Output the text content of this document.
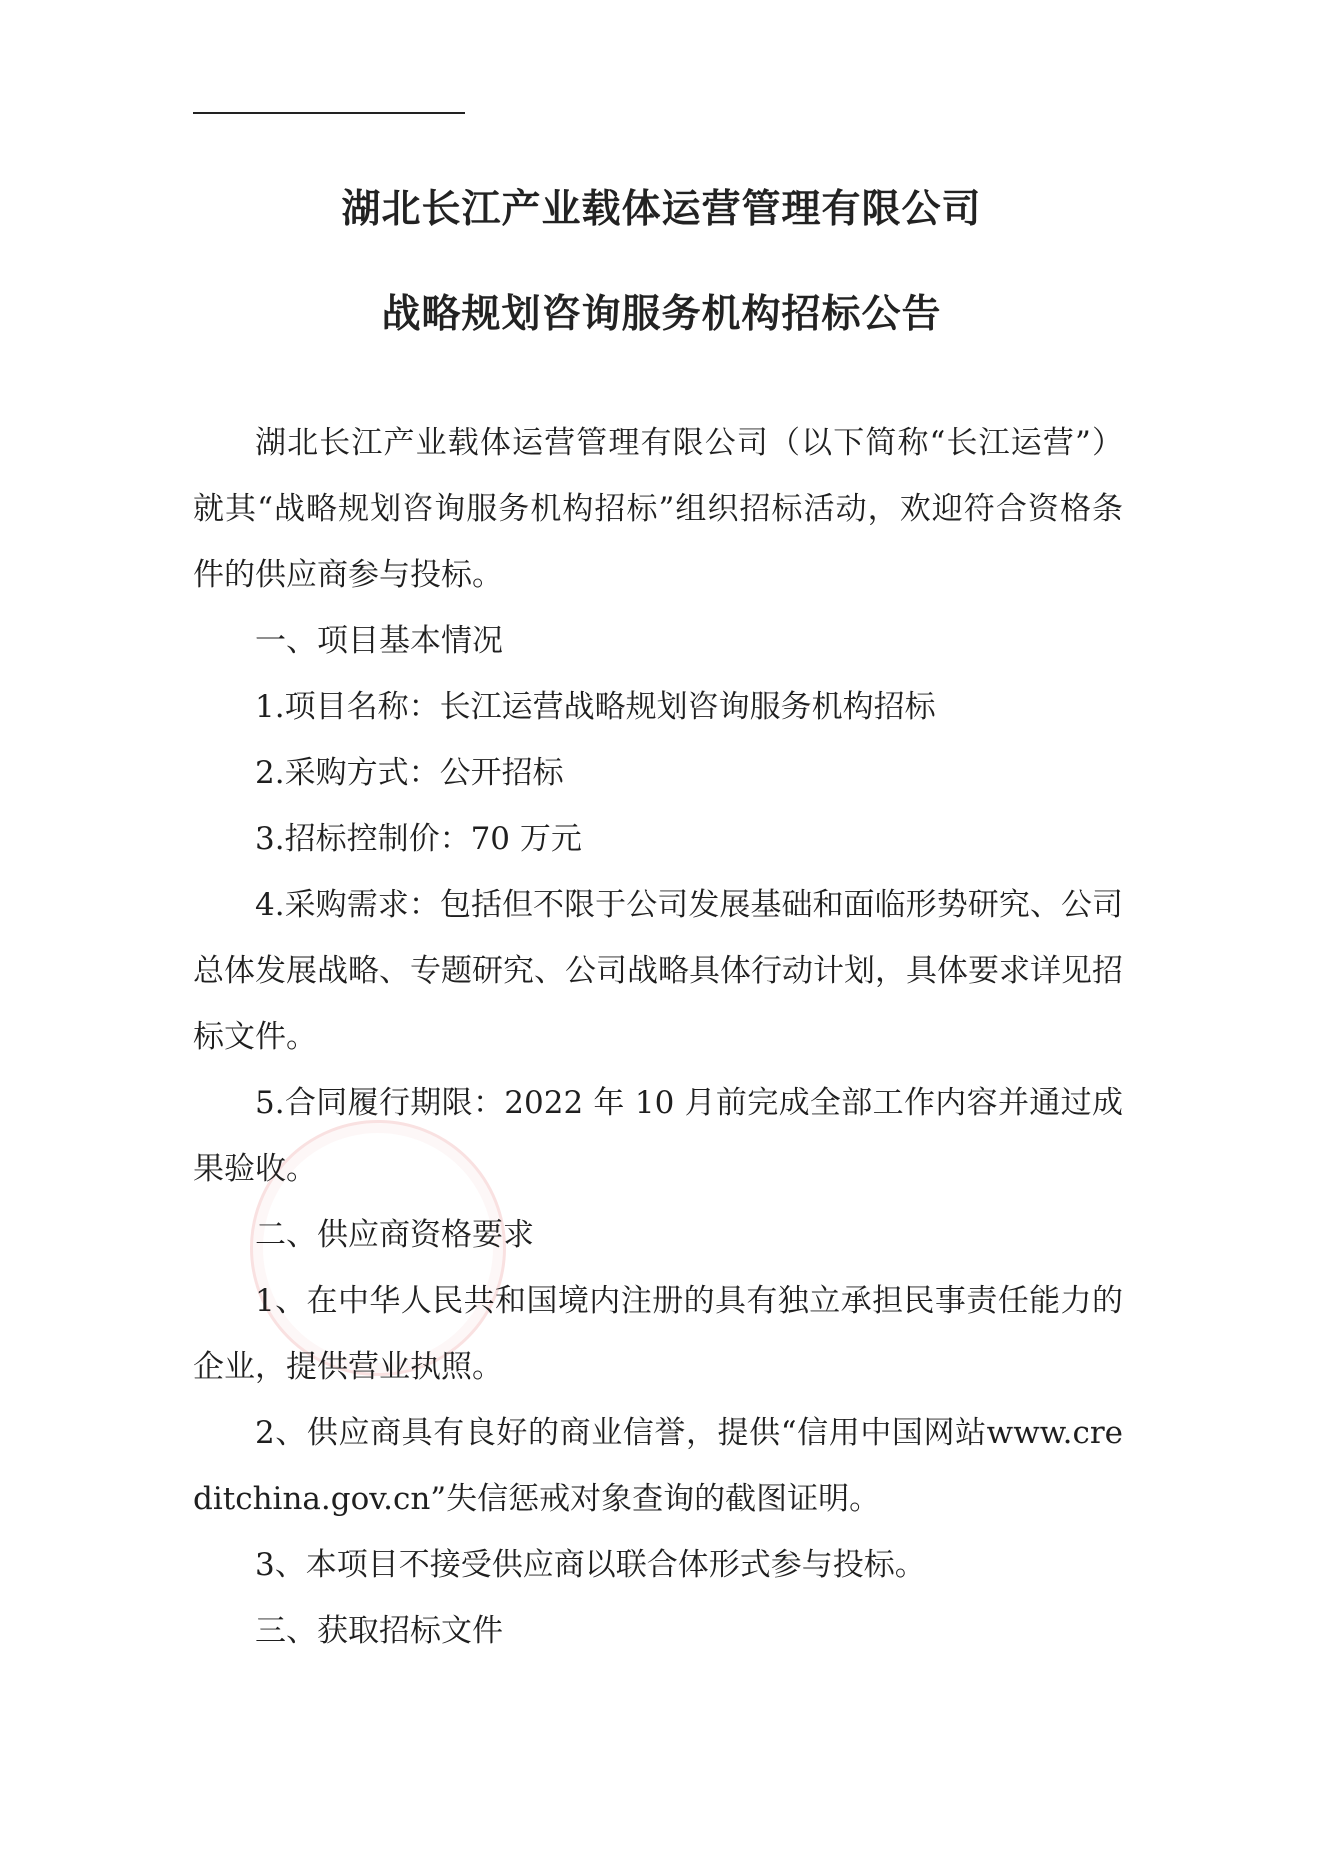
湖北长江产业载体运营管理有限公司
战略规划咨询服务机构招标公告

湖北长江产业载体运营管理有限公司（以下简称“长江运营”）就其“战略规划咨询服务机构招标”组织招标活动，欢迎符合资格条件的供应商参与投标。

一、项目基本情况

1.项目名称：长江运营战略规划咨询服务机构招标

2.采购方式：公开招标

3.招标控制价：70 万元

4.采购需求：包括但不限于公司发展基础和面临形势研究、公司总体发展战略、专题研究、公司战略具体行动计划，具体要求详见招标文件。

5.合同履行期限：2022 年 10 月前完成全部工作内容并通过成果验收。

二、供应商资格要求

1、在中华人民共和国境内注册的具有独立承担民事责任能力的企业，提供营业执照。

2、供应商具有良好的商业信誉，提供“信用中国网站www.creditchina.gov.cn”失信惩戒对象查询的截图证明。

3、本项目不接受供应商以联合体形式参与投标。

三、获取招标文件
